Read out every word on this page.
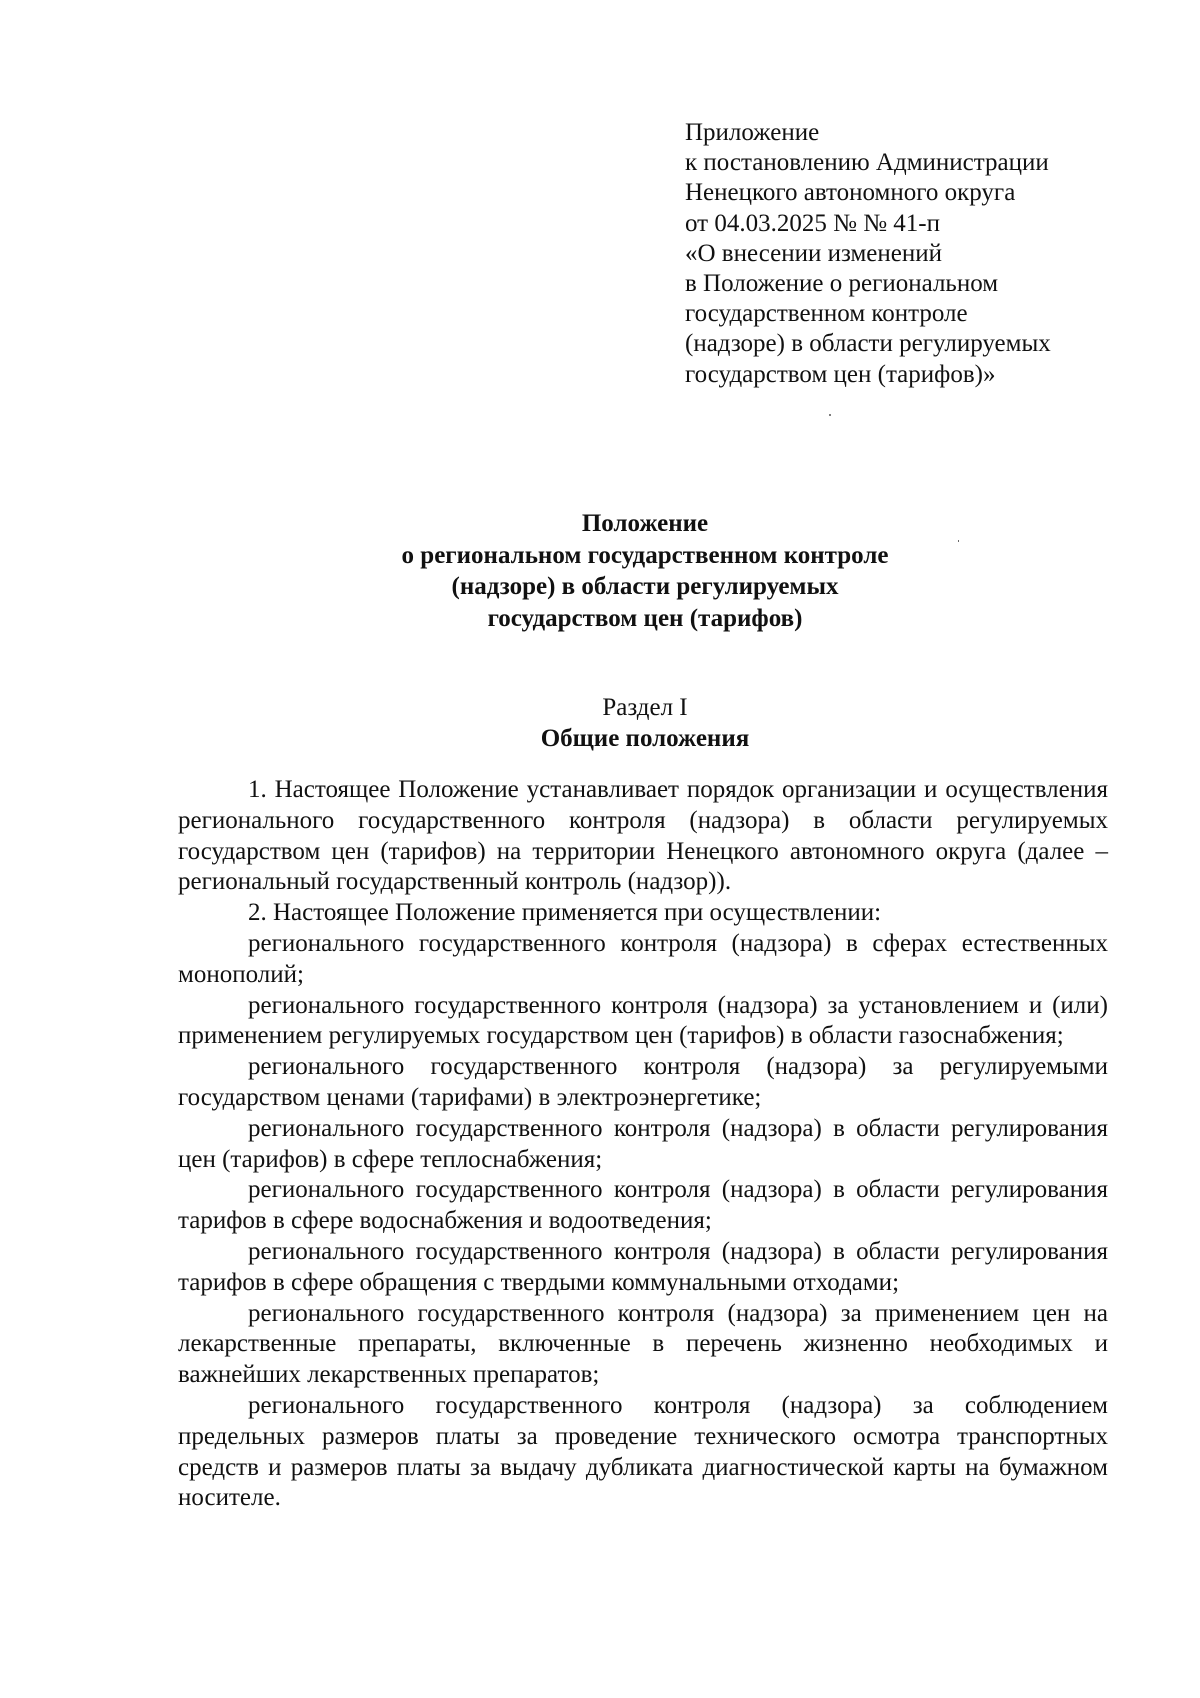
Приложение
к постановлению Администрации
Ненецкого автономного округа
от 04.03.2025 № № 41-п
«О внесении изменений
в Положение о региональном
государственном контроле
(надзоре) в области регулируемых
государством цен (тарифов)»
Положение
о региональном государственном контроле
(надзоре) в области регулируемых
государством цен (тарифов)
Раздел I
Общие положения

1. Настоящее Положение устанавливает порядок организации и осуществления регионального государственного контроля (надзора) в области регулируемых государством цен (тарифов) на территории Ненецкого автономного округа (далее – региональный государственный контроль (надзор)).

2. Настоящее Положение применяется при осуществлении:

регионального государственного контроля (надзора) в сферах естественных монополий;

регионального государственного контроля (надзора) за установлением и (или) применением регулируемых государством цен (тарифов) в области газоснабжения;

регионального государственного контроля (надзора) за регулируемыми государством ценами (тарифами) в электроэнергетике;

регионального государственного контроля (надзора) в области регулирования цен (тарифов) в сфере теплоснабжения;

регионального государственного контроля (надзора) в области регулирования тарифов в сфере водоснабжения и водоотведения;

регионального государственного контроля (надзора) в области регулирования тарифов в сфере обращения с твердыми коммунальными отходами;

регионального государственного контроля (надзора) за применением цен на лекарственные препараты, включенные в перечень жизненно необходимых и важнейших лекарственных препаратов;

регионального государственного контроля (надзора) за соблюдением предельных размеров платы за проведение технического осмотра транспортных средств и размеров платы за выдачу дубликата диагностической карты на бумажном носителе.
